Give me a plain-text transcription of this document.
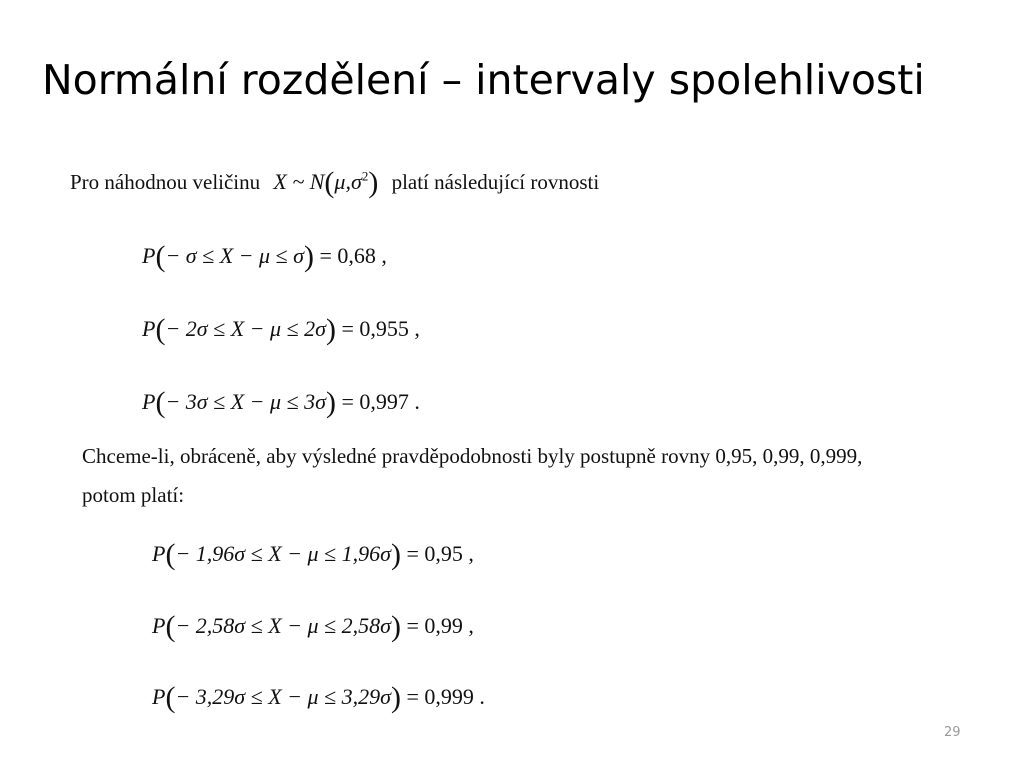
Normální rozdělení – intervaly spolehlivosti
Pro náhodnou veličinu X ~ $N(\mu,\sigma^2)$ platí následující rovnosti
P(− σ ≤ X − μ ≤ σ) = 0,68 ,
P(− 2σ ≤ X − μ ≤ 2σ) = 0,955 ,
P(− 3σ ≤ X − μ ≤ 3σ) = 0,997 .
Chceme-li, obráceně, aby výsledné pravděpodobnosti byly postupně rovny 0,95, 0,99, 0,999,
potom platí:
P(− 1,96σ ≤ X − μ ≤ 1,96σ) = 0,95 ,
P(− 2,58σ ≤ X − μ ≤ 2,58σ) = 0,99 ,
P(− 3,29σ ≤ X − μ ≤ 3,29σ) = 0,999 .
29
